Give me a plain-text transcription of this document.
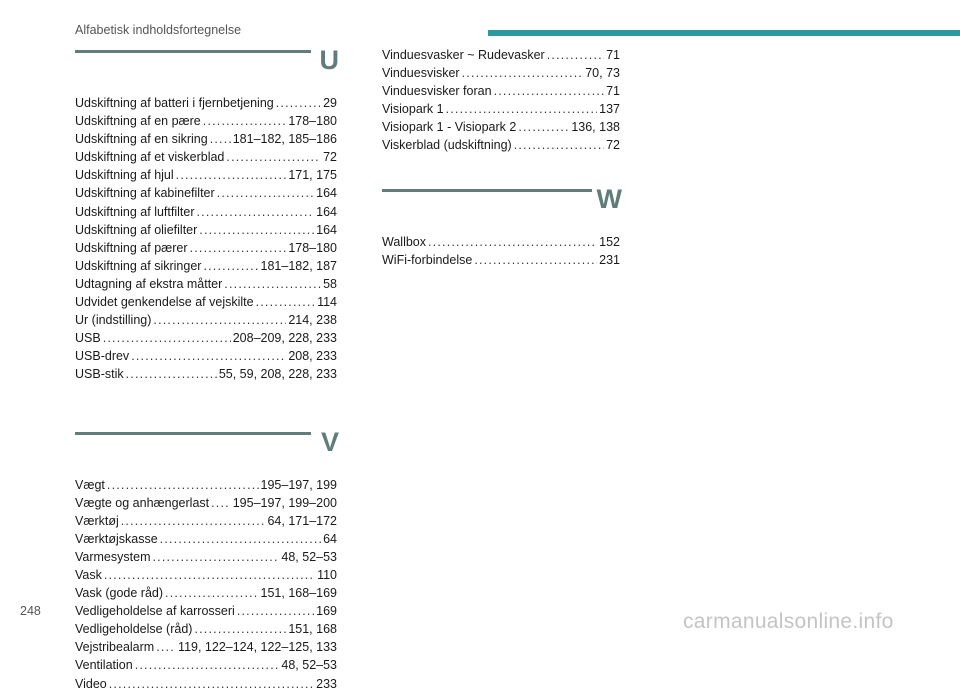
Alfabetisk indholdsfortegnelse
U
Udskiftning af batteri i fjernbetjening .....	29
Udskiftning af en pære .....	178–180
Udskiftning af en sikring ..... 181–182, 185–186
Udskiftning af et viskerblad .....	72
Udskiftning af hjul .....	171, 175
Udskiftning af kabinefilter .....	164
Udskiftning af luftfilter .....	164
Udskiftning af oliefilter .....	164
Udskiftning af pærer .....	178–180
Udskiftning af sikringer .....	181–182, 187
Udtagning af ekstra måtter .....	58
Udvidet genkendelse af vejskilte .....	114
Ur (indstilling) .....	214, 238
USB .....	208–209, 228, 233
USB-drev .....	208, 233
USB-stik .....	55, 59, 208, 228, 233
V
Vægt .....	195–197, 199
Vægte og anhængerlast ..... 195–197, 199–200
Værktøj .....	64, 171–172
Værktøjskasse .....	64
Varmesystem .....	48, 52–53
Vask .....	110
Vask (gode råd) .....	151, 168–169
Vedligeholdelse af karrosseri .....	169
Vedligeholdelse (råd) .....	151, 168
Vejstribealarm ..... 119, 122–124, 122–125, 133
Ventilation .....	48, 52–53
Video .....	233
Vinduesvasker ~ Rudevasker .....	71
Vinduesvisker .....	70, 73
Vinduesvisker foran .....	71
Visiopark 1 .....	137
Visiopark 1 - Visiopark 2 .....	136, 138
Viskerblad (udskiftning) .....	72
W
Wallbox .....	152
WiFi-forbindelse .....	231
248	carmanualsonline.info
